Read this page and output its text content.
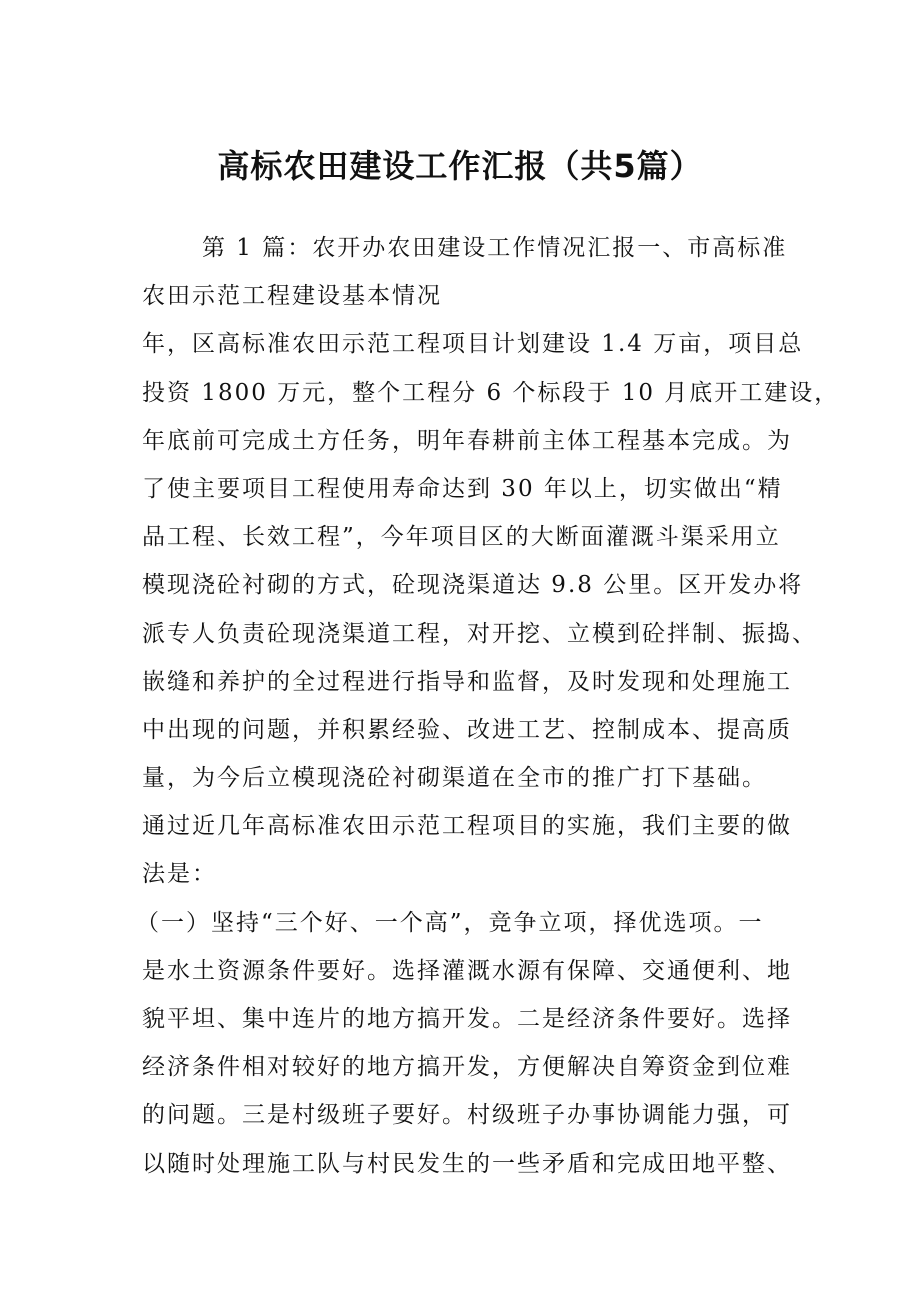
高标农田建设工作汇报（共5篇）
第 1 篇：农开办农田建设工作情况汇报一、市高标准
农田示范工程建设基本情况
年，区高标准农田示范工程项目计划建设 1.4 万亩，项目总
投资 1800 万元，整个工程分 6 个标段于 10 月底开工建设，
年底前可完成土方任务，明年春耕前主体工程基本完成。为
了使主要项目工程使用寿命达到 30 年以上，切实做出“精
品工程、长效工程”，今年项目区的大断面灌溉斗渠采用立
模现浇砼衬砌的方式，砼现浇渠道达 9.8 公里。区开发办将
派专人负责砼现浇渠道工程，对开挖、立模到砼拌制、振捣、
嵌缝和养护的全过程进行指导和监督，及时发现和处理施工
中出现的问题，并积累经验、改进工艺、控制成本、提高质
量，为今后立模现浇砼衬砌渠道在全市的推广打下基础。
通过近几年高标准农田示范工程项目的实施，我们主要的做
法是：
（一）坚持“三个好、一个高”，竞争立项，择优选项。一
是水土资源条件要好。选择灌溉水源有保障、交通便利、地
貌平坦、集中连片的地方搞开发。二是经济条件要好。选择
经济条件相对较好的地方搞开发，方便解决自筹资金到位难
的问题。三是村级班子要好。村级班子办事协调能力强，可
以随时处理施工队与村民发生的一些矛盾和完成田地平整、
